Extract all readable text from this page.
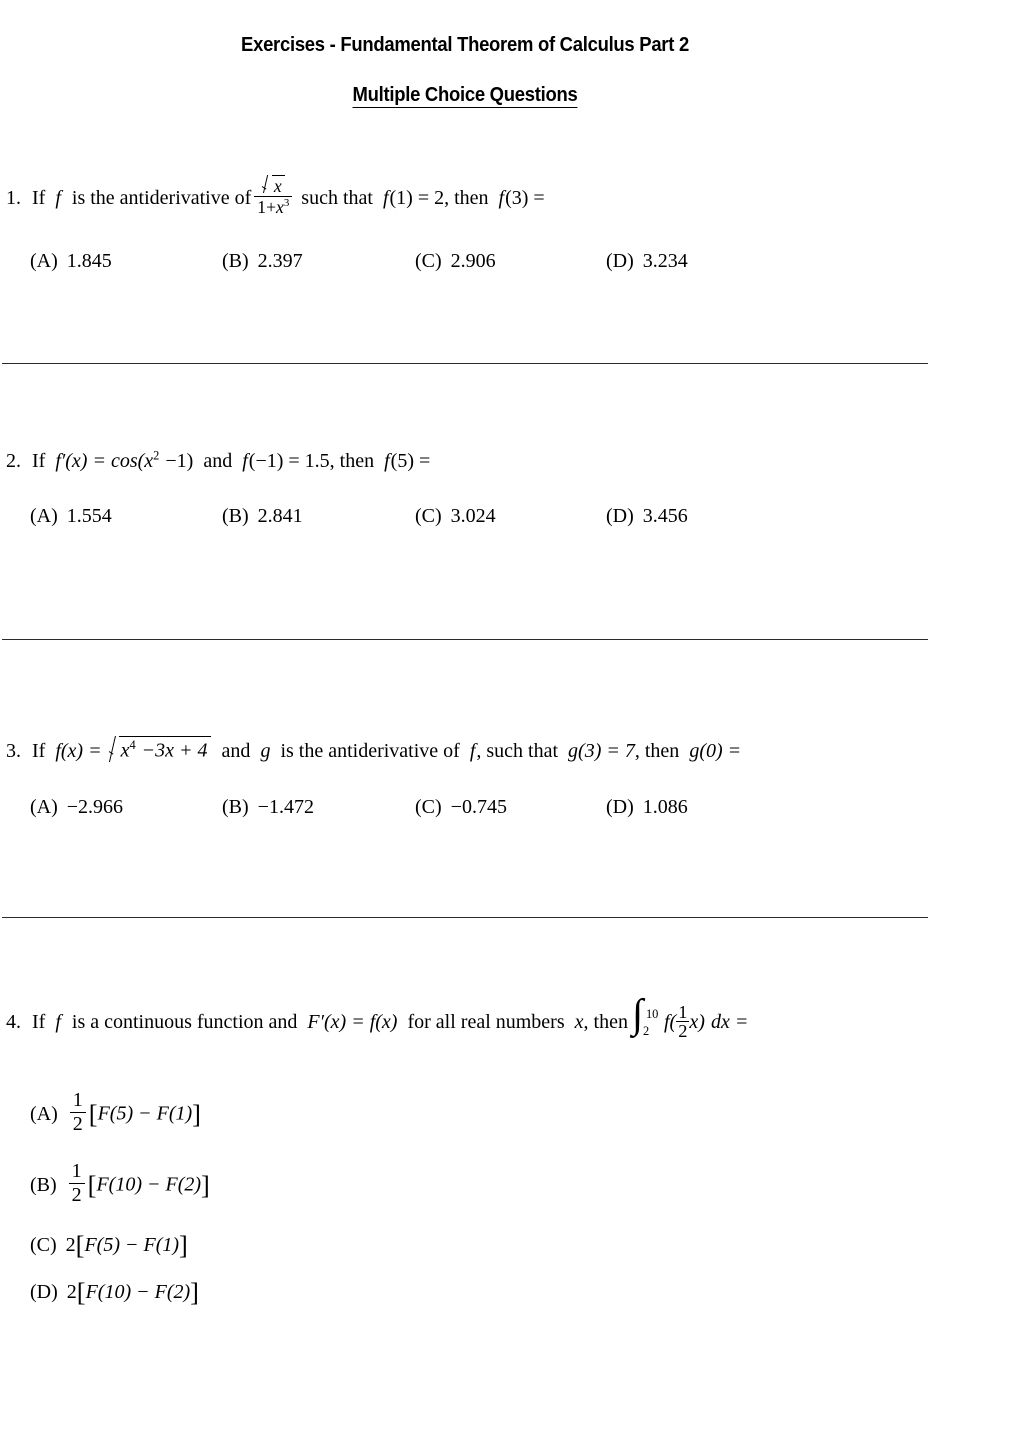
Exercises - Fundamental Theorem of Calculus Part 2
Multiple Choice Questions
1. If f is the antiderivative of $\frac{x}{1+x^3}$ such that f(1) = 2, then f(3) =
(A) 1.845	(B) 2.397	(C) 2.906	(D) 3.234
2. If $f'(x) = \cos(x^2 -1)$ and f(−1) = 1.5, then f(5) =
(A) 1.554	(B) 2.841	(C) 3.024	(D) 3.456
3. If $f(x) = x^4 -3x + 4$ and g is the antiderivative of f, such that g(3) = 7, then g(0) =
(A) −2.966	(B) −1.472	(C) −0.745	(D) 1.086
4. If f is a continuous function and F′(x) = f(x) for all real numbers x, then ∫ 10
2 $f( \frac{1}{2} x)$ dx =
$(A) \frac{1}{2} [F(5) - F(1)]$
$(B) \frac{1}{2} [F(10) - F(2)]$
(C) 2[F(5) − F(1)]
(D) 2[F(10) − F(2)]
